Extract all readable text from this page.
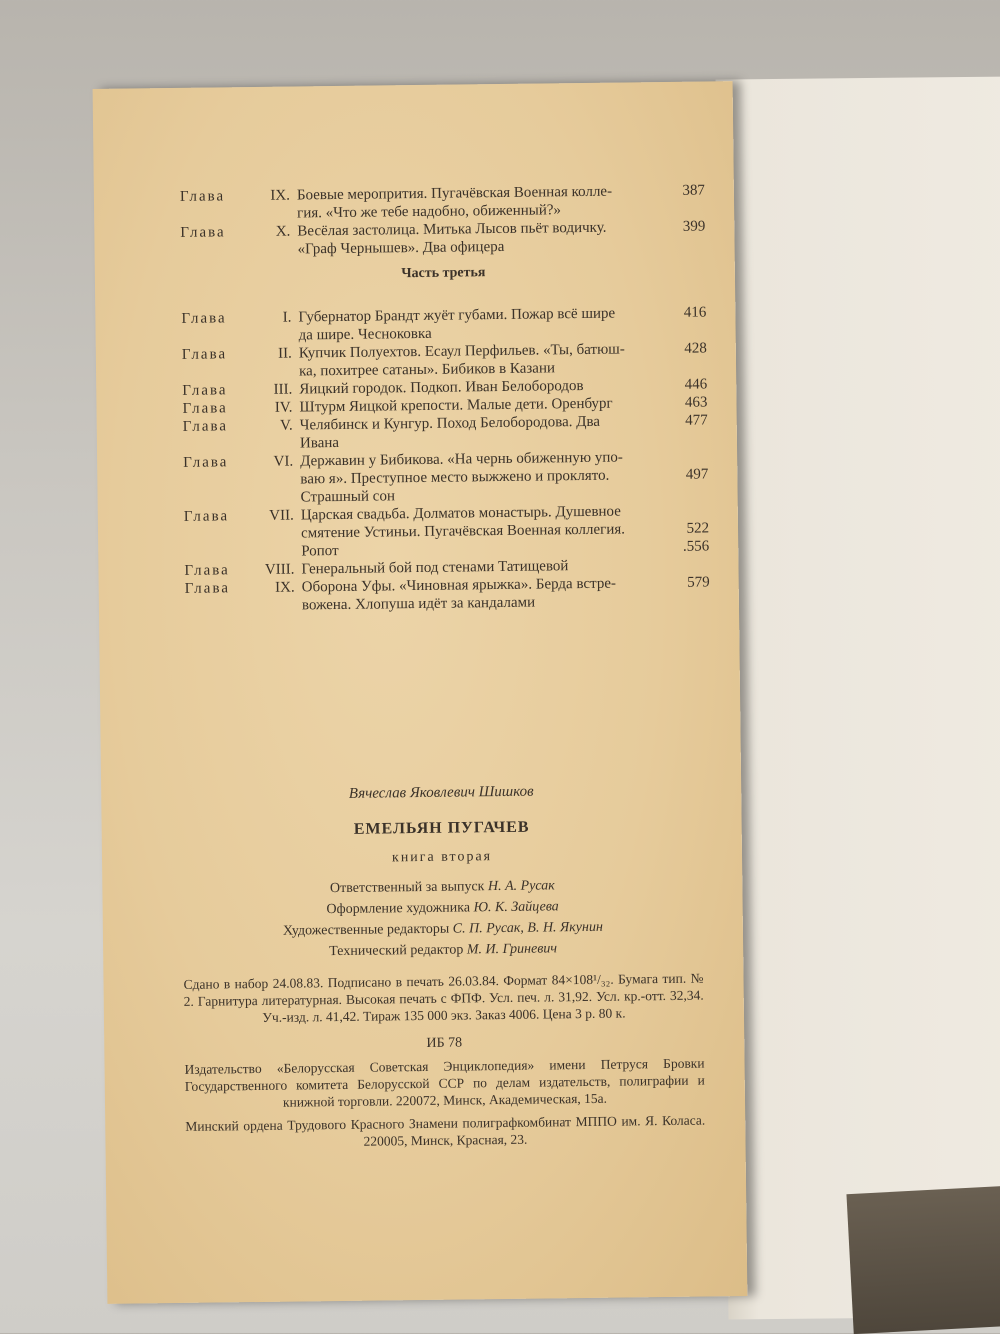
Глава	IX. Боевые меропрития. Пугачёвская Военная колле-	387
гия. «Что же тебе надобно, обиженный?»
Глава	X. Весёлая застолица. Митька Лысов пьёт водичку.	399
«Граф Чернышев». Два офицера
Часть третья
Глава	I. Губернатор Брандт жуёт губами. Пожар всё шире	416
да шире. Чесноковка
Глава	II. Купчик Полуехтов. Есаул Перфильев. «Ты, батюш-	428
ка, похитрее сатаны». Бибиков в Казани
Глава	III. Яицкий городок. Подкоп. Иван Белобородов	446
Глава	IV. Штурм Яицкой крепости. Малые дети. Оренбург	463
Глава	V. Челябинск и Кунгур. Поход Белобородова. Два	477
Ивана
Глава	VI. Державин у Бибикова. «На чернь обиженную упо-
ваю я». Преступное место выжжено и проклято.	497
Страшный сон
Глава	VII. Царская свадьба. Долматов монастырь. Душевное
смятение Устиньи. Пугачёвская Военная коллегия.	522
Ропот	.556
Глава	VIII. Генеральный бой под стенами Татищевой
Глава	IX. Оборона Уфы. «Чиновная ярыжка». Берда встре-	579
вожена. Хлопуша идёт за кандалами
Вячеслав Яковлевич Шишков
ЕМЕЛЬЯН ПУГАЧЕВ
книга вторая
Ответственный за выпуск Н. А. Русак
Оформление художника Ю. К. Зайцева
Художественные редакторы С. П. Русак, В. Н. Якунин
Технический редактор М. И. Гриневич
Сдано в набор 24.08.83. Подписано в печать 26.03.84. Формат 84×108¹/₃₂. Бумага тип. № 2. Гарнитура литературная. Высокая печать с ФПФ. Усл. печ. л. 31,92. Усл. кр.-отт. 32,34. Уч.-изд. л. 41,42. Тираж 135 000 экз. Заказ 4006. Цена 3 р. 80 к.
ИБ 78
Издательство «Белорусская Советская Энциклопедия» имени Петруся Бровки Государственного комитета Белорусской ССР по делам издательств, полиграфии и книжной торговли. 220072, Минск, Академическая, 15а.
Минский ордена Трудового Красного Знамени полиграфкомбинат МППО им. Я. Коласа. 220005, Минск, Красная, 23.
